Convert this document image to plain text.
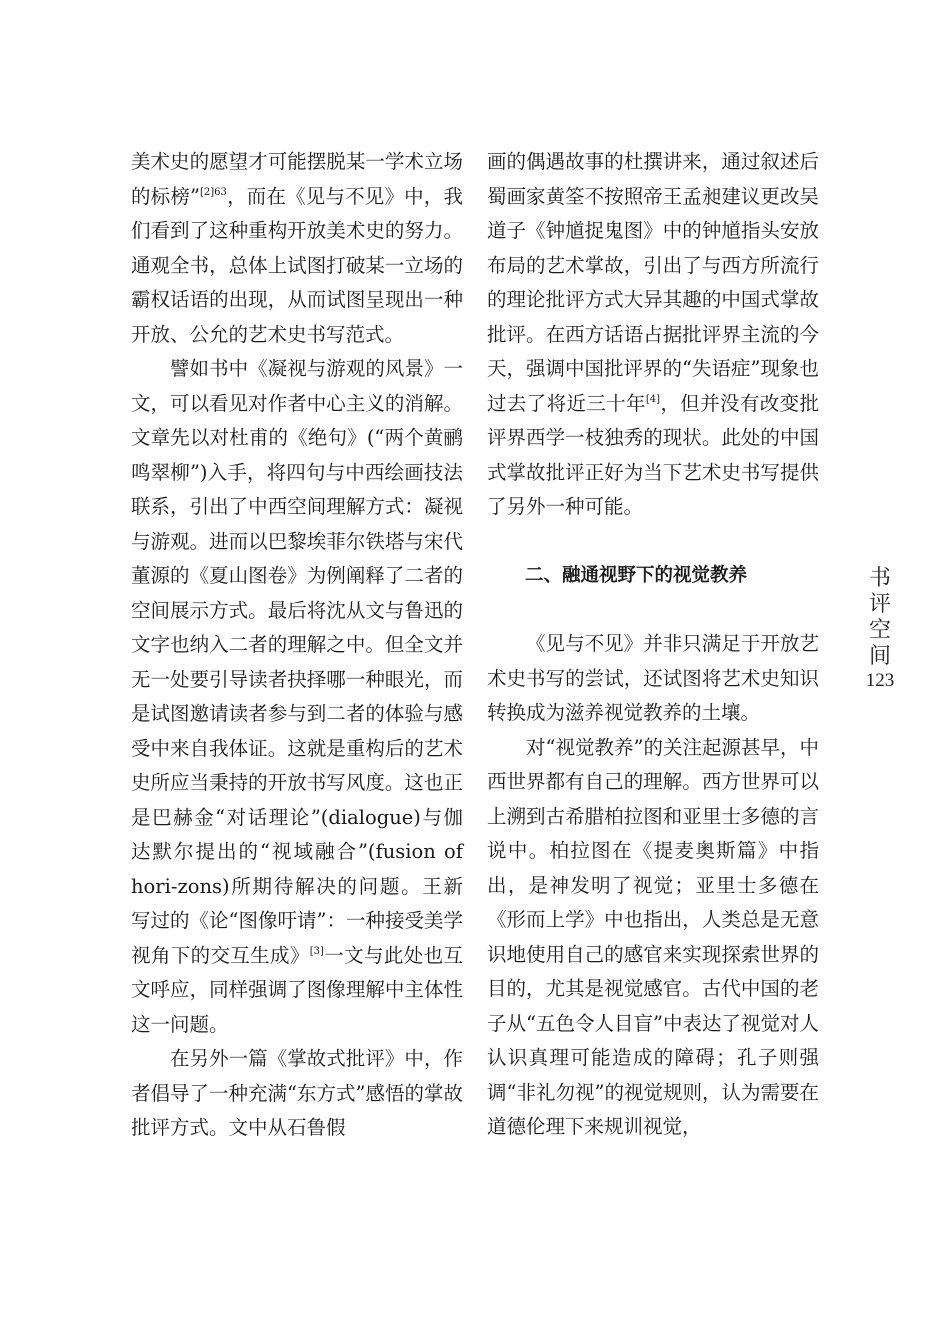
美术史的愿望才可能摆脱某一学术立场的标榜”$^{[2]63}$，而在《见与不见》中，我们看到了这种重构开放美术史的努力。通观全书，总体上试图打破某一立场的霸权话语的出现，从而试图呈现出一种开放、公允的艺术史书写范式。

譬如书中《凝视与游观的风景》一文，可以看见对作者中心主义的消解。文章先以对杜甫的《绝句》(“两个黄鹂鸣翠柳”)入手，将四句与中西绘画技法联系，引出了中西空间理解方式：凝视与游观。进而以巴黎埃菲尔铁塔与宋代董源的《夏山图卷》为例阐释了二者的空间展示方式。最后将沈从文与鲁迅的文字也纳入二者的理解之中。但全文并无一处要引导读者抉择哪一种眼光，而是试图邀请读者参与到二者的体验与感受中来自我体证。这就是重构后的艺术史所应当秉持的开放书写风度。这也正是巴赫金“对话理论”(dialogue)与伽达默尔提出的“视域融合”(fusion of hori-zons)所期待解决的问题。王新写过的《论“图像吁请”：一种接受美学视角下的交互生成》[3]一文与此处也互文呼应，同样强调了图像理解中主体性这一问题。

在另外一篇《掌故式批评》中，作者倡导了一种充满“东方式”感悟的掌故批评方式。文中从石鲁假

画的偶遇故事的杜撰讲来，通过叙述后蜀画家黄筌不按照帝王孟昶建议更改吴道子《钟馗捉鬼图》中的钟馗指头安放布局的艺术掌故，引出了与西方所流行的理论批评方式大异其趣的中国式掌故批评。在西方话语占据批评界主流的今天，强调中国批评界的“失语症”现象也过去了将近三十年[4]，但并没有改变批评界西学一枝独秀的现状。此处的中国式掌故批评正好为当下艺术史书写提供了另外一种可能。

二、融通视野下的视觉教养

《见与不见》并非只满足于开放艺术史书写的尝试，还试图将艺术史知识转换成为滋养视觉教养的土壤。

对“视觉教养”的关注起源甚早，中西世界都有自己的理解。西方世界可以上溯到古希腊柏拉图和亚里士多德的言说中。柏拉图在《提麦奥斯篇》中指出，是神发明了视觉；亚里士多德在《形而上学》中也指出，人类总是无意识地使用自己的感官来实现探索世界的目的，尤其是视觉感官。古代中国的老子从“五色令人目盲”中表达了视觉对人认识真理可能造成的障碍；孔子则强调“非礼勿视”的视觉规则，认为需要在道德伦理下来规训视觉，

书
评
空
间
123
